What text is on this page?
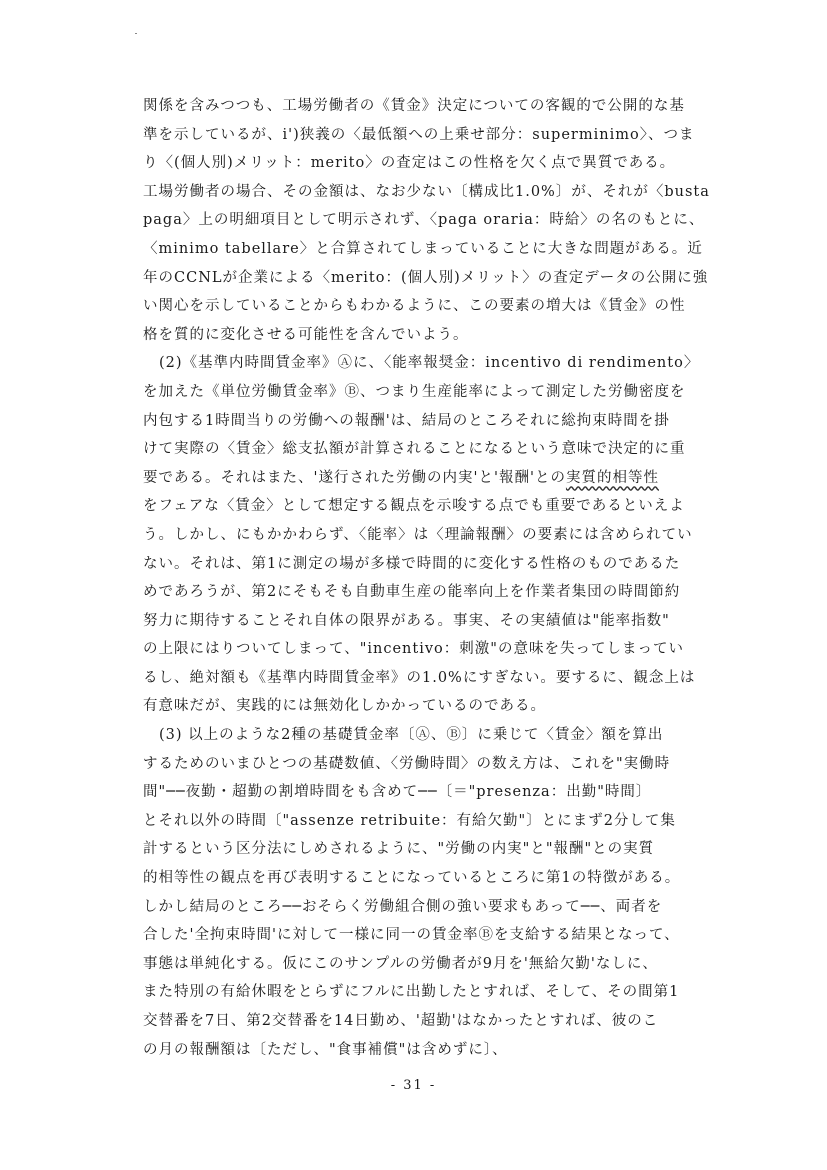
関係を含みつつも、工場労働者の《賃金》決定についての客観的で公開的な基
準を示しているが、i')狭義の〈最低額への上乗せ部分：superminimo〉、つま
り〈(個人別)メリット：merito〉の査定はこの性格を欠く点で異質である。
工場労働者の場合、その金額は、なお少ない〔構成比1.0%〕が、それが〈busta
paga〉上の明細項目として明示されず、〈paga oraria：時給〉の名のもとに、
〈minimo tabellare〉と合算されてしまっていることに大きな問題がある。近
年のCCNLが企業による〈merito：(個人別)メリット〉の査定データの公開に強
い関心を示していることからもわかるように、この要素の増大は《賃金》の性
格を質的に変化させる可能性を含んでいよう。
(2)《基準内時間賃金率》Ⓐに、〈能率報奨金：incentivo di rendimento〉
を加えた《単位労働賃金率》Ⓑ、つまり生産能率によって測定した労働密度を
内包する1時間当りの労働への報酬'は、結局のところそれに総拘束時間を掛
けて実際の〈賃金〉総支払額が計算されることになるという意味で決定的に重
要である。それはまた、'遂行された労働の内実'と'報酬'との実質的相等性
をフェアな〈賃金〉として想定する観点を示唆する点でも重要であるといえよ
う。しかし、にもかかわらず、〈能率〉は〈理論報酬〉の要素には含められてい
ない。それは、第1に測定の場が多様で時間的に変化する性格のものであるた
めであろうが、第2にそもそも自動車生産の能率向上を作業者集団の時間節約
努力に期待することそれ自体の限界がある。事実、その実績値は"能率指数"
の上限にはりついてしまって、"incentivo：刺激"の意味を失ってしまってい
るし、絶対額も《基準内時間賃金率》の1.0%にすぎない。要するに、観念上は
有意味だが、実践的には無効化しかかっているのである。
(3) 以上のような2種の基礎賃金率〔Ⓐ、Ⓑ〕に乗じて〈賃金〉額を算出
するためのいまひとつの基礎数値、〈労働時間〉の数え方は、これを"実働時
間"──夜勤・超勤の割増時間をも含めて──〔＝"presenza：出勤"時間〕
とそれ以外の時間〔"assenze retribuite：有給欠勤"〕とにまず2分して集
計するという区分法にしめされるように、"労働の内実"と"報酬"との実質
的相等性の観点を再び表明することになっているところに第1の特徴がある。
しかし結局のところ──おそらく労働組合側の強い要求もあって──、両者を
合した'全拘束時間'に対して一様に同一の賃金率Ⓑを支給する結果となって、
事態は単純化する。仮にこのサンプルの労働者が9月を'無給欠勤'なしに、
また特別の有給休暇をとらずにフルに出勤したとすれば、そして、その間第1
交替番を7日、第2交替番を14日勤め、'超勤'はなかったとすれば、彼のこ
の月の報酬額は〔ただし、"食事補償"は含めずに〕、
- 31 -
